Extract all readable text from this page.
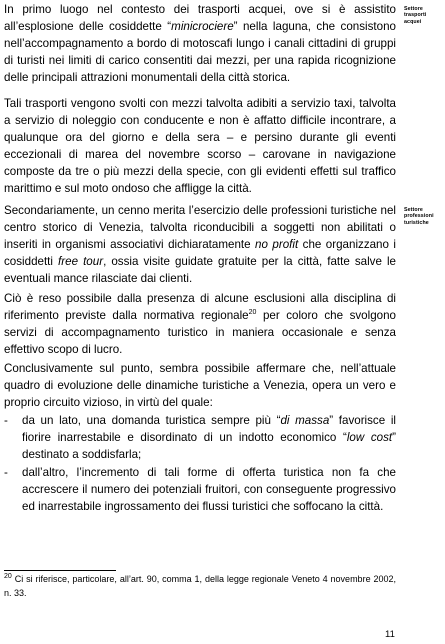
In primo luogo nel contesto dei trasporti acquei, ove si è assistito all’esplosione delle cosiddette “minicrociere” nella laguna, che consistono nell’accompagnamento a bordo di motoscafi lungo i canali cittadini di gruppi di turisti nei limiti di carico consentiti dai mezzi, per una rapida ricognizione delle principali attrazioni monumentali della città storica.

Settore
trasporti
acquei

Tali trasporti vengono svolti con mezzi talvolta adibiti a servizio taxi, talvolta a servizio di noleggio con conducente e non è affatto difficile incontrare, a qualunque ora del giorno e della sera – e persino durante gli eventi eccezionali di marea del novembre scorso – carovane in navigazione composte da tre o più mezzi della specie, con gli evidenti effetti sul traffico marittimo e sul moto ondoso che affligge la città.

Secondariamente, un cenno merita l’esercizio delle professioni turistiche nel centro storico di Venezia, talvolta riconducibili a soggetti non abilitati o inseriti in organismi associativi dichiaratamente no profit che organizzano i cosiddetti free tour, ossia visite guidate gratuite per la città, fatte salve le eventuali mance rilasciate dai clienti.

Settore
professioni
turistiche

Ciò è reso possibile dalla presenza di alcune esclusioni alla disciplina di riferimento previste dalla normativa regionale$^{20}$ per coloro che svolgono servizi di accompagnamento turistico in maniera occasionale e senza effettivo scopo di lucro.

Conclusivamente sul punto, sembra possibile affermare che, nell’attuale quadro di evoluzione delle dinamiche turistiche a Venezia, opera un vero e proprio circuito vizioso, in virtù del quale:

-	da un lato, una domanda turistica sempre più “di massa” favorisce il fiorire inarrestabile e disordinato di un indotto economico “low cost” destinato a soddisfarla;
-	dall’altro, l’incremento di tali forme di offerta turistica non fa che accrescere il numero dei potenziali fruitori, con conseguente progressivo ed inarrestabile ingrossamento dei flussi turistici che soffocano la città.
$^{20}$ Ci si riferisce, particolare, all’art. 90, comma 1, della legge regionale Veneto 4 novembre 2002, n. 33.
11
